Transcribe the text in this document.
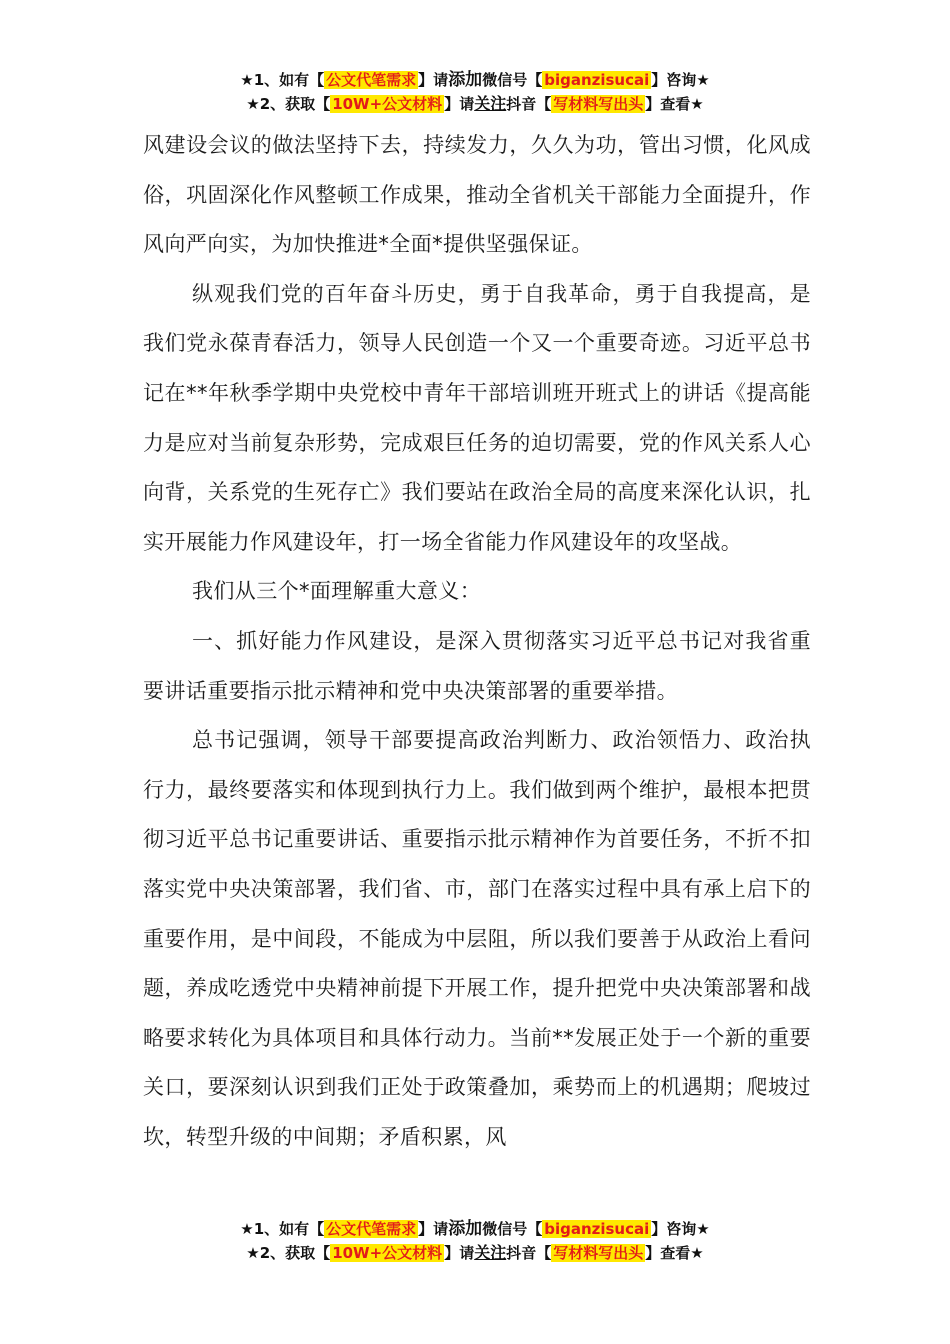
★1、如有【 公文代笔需求 】请添加微信号【 biganzisucai 】咨询★
★2、获取【 10W+公文材料 】请关注抖音【 写材料写出头 】查看★

风建设会议的做法坚持下去，持续发力，久久为功，管出习惯，化风成俗，巩固深化作风整顿工作成果，推动全省机关干部能力全面提升，作风向严向实，为加快推进*全面*提供坚强保证。

纵观我们党的百年奋斗历史，勇于自我革命，勇于自我提高，是我们党永葆青春活力，领导人民创造一个又一个重要奇迹。习近平总书记在**年秋季学期中央党校中青年干部培训班开班式上的讲话《提高能力是应对当前复杂形势，完成艰巨任务的迫切需要，党的作风关系人心向背，关系党的生死存亡》我们要站在政治全局的高度来深化认识，扎实开展能力作风建设年，打一场全省能力作风建设年的攻坚战。

我们从三个*面理解重大意义：

一、抓好能力作风建设，是深入贯彻落实习近平总书记对我省重要讲话重要指示批示精神和党中央决策部署的重要举措。

总书记强调，领导干部要提高政治判断力、政治领悟力、政治执行力，最终要落实和体现到执行力上。我们做到两个维护，最根本把贯彻习近平总书记重要讲话、重要指示批示精神作为首要任务，不折不扣落实党中央决策部署，我们省、市，部门在落实过程中具有承上启下的重要作用，是中间段，不能成为中层阻，所以我们要善于从政治上看问题，养成吃透党中央精神前提下开展工作，提升把党中央决策部署和战略要求转化为具体项目和具体行动力。当前**发展正处于一个新的重要关口，要深刻认识到我们正处于政策叠加，乘势而上的机遇期；爬坡过坎，转型升级的中间期；矛盾积累，风

★1、如有【 公文代笔需求 】请添加微信号【 biganzisucai 】咨询★
★2、获取【 10W+公文材料 】请关注抖音【 写材料写出头 】查看★
